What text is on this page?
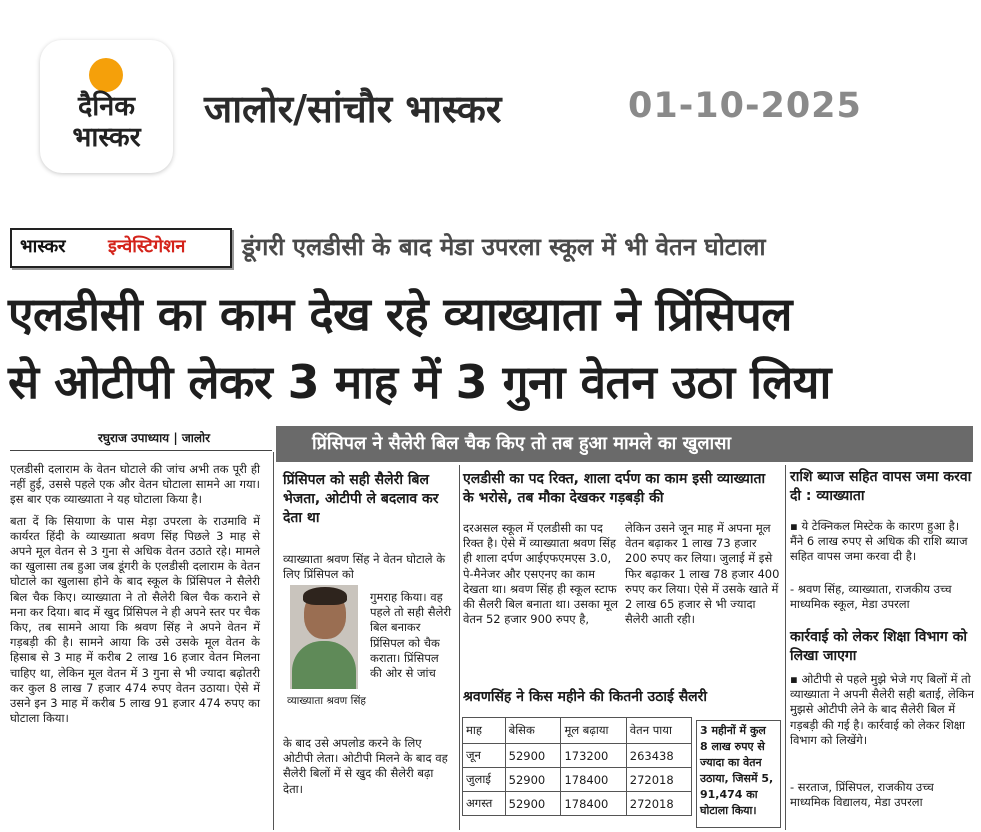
दैनिक
भास्कर
जालोर/सांचौर भास्कर	01-10-2025
भास्कर इन्वेस्टिगेशन डूंगरी एलडीसी के बाद मेडा उपरला स्कूल में भी वेतन घोटाला
एलडीसी का काम देख रहे व्याख्याता ने प्रिंसिपल
से ओटीपी लेकर 3 माह में 3 गुना वेतन उठा लिया
रघुराज उपाध्याय | जालोर	प्रिंसिपल ने सैलेरी बिल चैक किए तो तब हुआ मामले का खुलासा

एलडीसी दलाराम के वेतन घोटाले की जांच अभी तक पूरी ही नहीं हुई, उससे पहले एक और वेतन घोटाला सामने आ गया। इस बार एक व्याख्याता ने यह घोटाला किया है।

बता दें कि सियाणा के पास मेड़ा उपरला के राउमावि में कार्यरत हिंदी के व्याख्याता श्रवण सिंह पिछले 3 माह से अपने मूल वेतन से 3 गुना से अधिक वेतन उठाते रहे। मामले का खुलासा तब हुआ जब डूंगरी के एलडीसी दलाराम के वेतन घोटाले का खुलासा होने के बाद स्कूल के प्रिंसिपल ने सैलेरी बिल चैक किए। व्याख्याता ने तो सैलेरी बिल चैक कराने से मना कर दिया। बाद में खुद प्रिंसिपल ने ही अपने स्तर पर चैक किए, तब सामने आया कि श्रवण सिंह ने अपने वेतन में गड़बड़ी की है। सामने आया कि उसे उसके मूल वेतन के हिसाब से 3 माह में करीब 2 लाख 16 हजार वेतन मिलना चाहिए था, लेकिन मूल वेतन में 3 गुना से भी ज्यादा बढ़ोतरी कर कुल 8 लाख 7 हजार 474 रुपए वेतन उठाया। ऐसे में उसने इन 3 माह में करीब 5 लाख 91 हजार 474 रुपए का घोटाला किया।

प्रिंसिपल को सही सैलेरी बिल भेजता, ओटीपी ले बदलाव कर देता था
व्याख्याता श्रवण सिंह ने वेतन घोटाले के लिए प्रिंसिपल को
व्याख्याता श्रवण सिंह
गुमराह किया। वह पहले तो सही सैलेरी बिल बनाकर प्रिंसिपल को चैक कराता। प्रिंसिपल की ओर से जांच
के बाद उसे अपलोड करने के लिए ओटीपी लेता। ओटीपी मिलने के बाद वह सैलेरी बिलों में से खुद की सैलेरी बढ़ा देता।
एलडीसी का पद रिक्त, शाला दर्पण का काम इसी व्याख्याता के भरोसे, तब मौका देखकर गड़बड़ी की
दरअसल स्कूल में एलडीसी का पद रिक्त है। ऐसे में व्याख्याता श्रवण सिंह ही शाला दर्पण आईएफएमएस 3.0, पे-मैनेजर और एसएनए का काम देखता था। श्रवण सिंह ही स्कूल स्टाफ की सैलरी बिल बनाता था। उसका मूल वेतन 52 हजार 900 रुपए है,
लेकिन उसने जून माह में अपना मूल वेतन बढ़ाकर 1 लाख 73 हजार 200 रुपए कर लिया। जुलाई में इसे फिर बढ़ाकर 1 लाख 78 हजार 400 रुपए कर लिया। ऐसे में उसके खाते में 2 लाख 65 हजार से भी ज्यादा सैलेरी आती रही।
श्रवणसिंह ने किस महीने की कितनी उठाई सैलरी
माह	बेसिक	मूल बढ़ाया	वेतन पाया
जून	52900	173200	263438
जुलाई	52900	178400	272018
अगस्त	52900	178400	272018
3 महीनों में कुल 8 लाख रुपए से ज्यादा का वेतन उठाया, जिसमें 5, 91,474 का घोटाला किया।
राशि ब्याज सहित वापस जमा करवा दी : व्याख्याता
▪ ये टेक्निकल मिस्टेक के कारण हुआ है। मैंने 6 लाख रुपए से अधिक की राशि ब्याज सहित वापस जमा करवा दी है।
- श्रवण सिंह, व्याख्याता, राजकीय उच्च माध्यमिक स्कूल, मेडा उपरला
कार्रवाई को लेकर शिक्षा विभाग को लिखा जाएगा
▪ ओटीपी से पहले मुझे भेजे गए बिलों में तो व्याख्याता ने अपनी सैलेरी सही बताई, लेकिन मुझसे ओटीपी लेने के बाद सैलेरी बिल में गड़बड़ी की गई है। कार्रवाई को लेकर शिक्षा विभाग को लिखेंगे।
- सरताज, प्रिंसिपल, राजकीय उच्च माध्यमिक विद्यालय, मेडा उपरला
